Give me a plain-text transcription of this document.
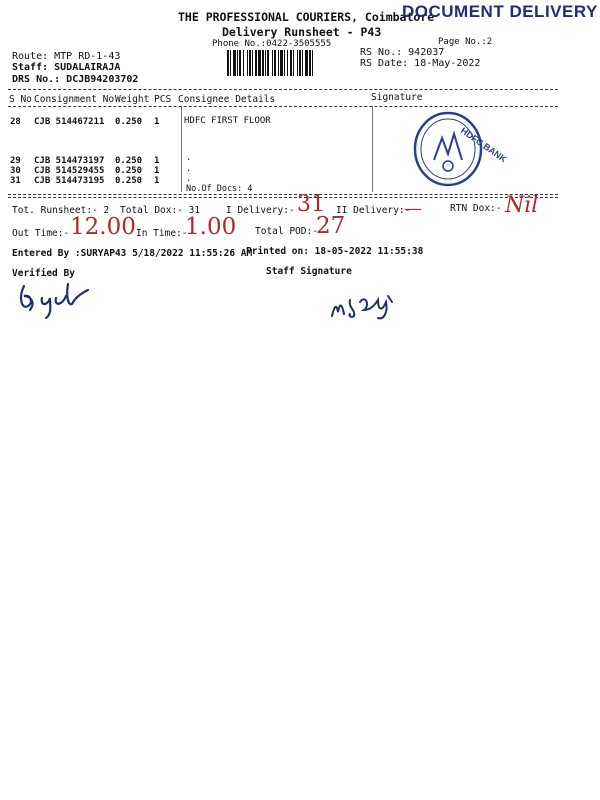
THE PROFESSIONAL COURIERS, Coimbatore
DOCUMENT DELIVERY
Delivery Runsheet - P43
Phone No.:0422-3505555	Page No.:2
Route: MTP RD-1-43
Staff: SUDALAIRAJA
DRS No.: DCJB94203702
RS No.: 942037
RS Date: 18-May-2022
S No Consignment No Weight PCS Consignee Details	Signature
28 CJB 514467211 0.250 1	HDFC FIRST FLOOR
29 CJB 514473197 0.250 1	.
30 CJB 514529455 0.250 1	.
31 CJB 514473195 0.250 1	.
No.Of Docs: 4
HDFC BANK
Tot. Runsheet:- 2 Total Dox:- 31	I Delivery:- 31 II Delivery:-
—	RTN Dox:- Nil
Out Time:- 12.00 In Time:-
1.00 Total POD:-
27
Entered By :SURYAP43 5/18/2022 11:55:26 AM
Printed on: 18-05-2022 11:55:38
Verified By	Staff Signature
